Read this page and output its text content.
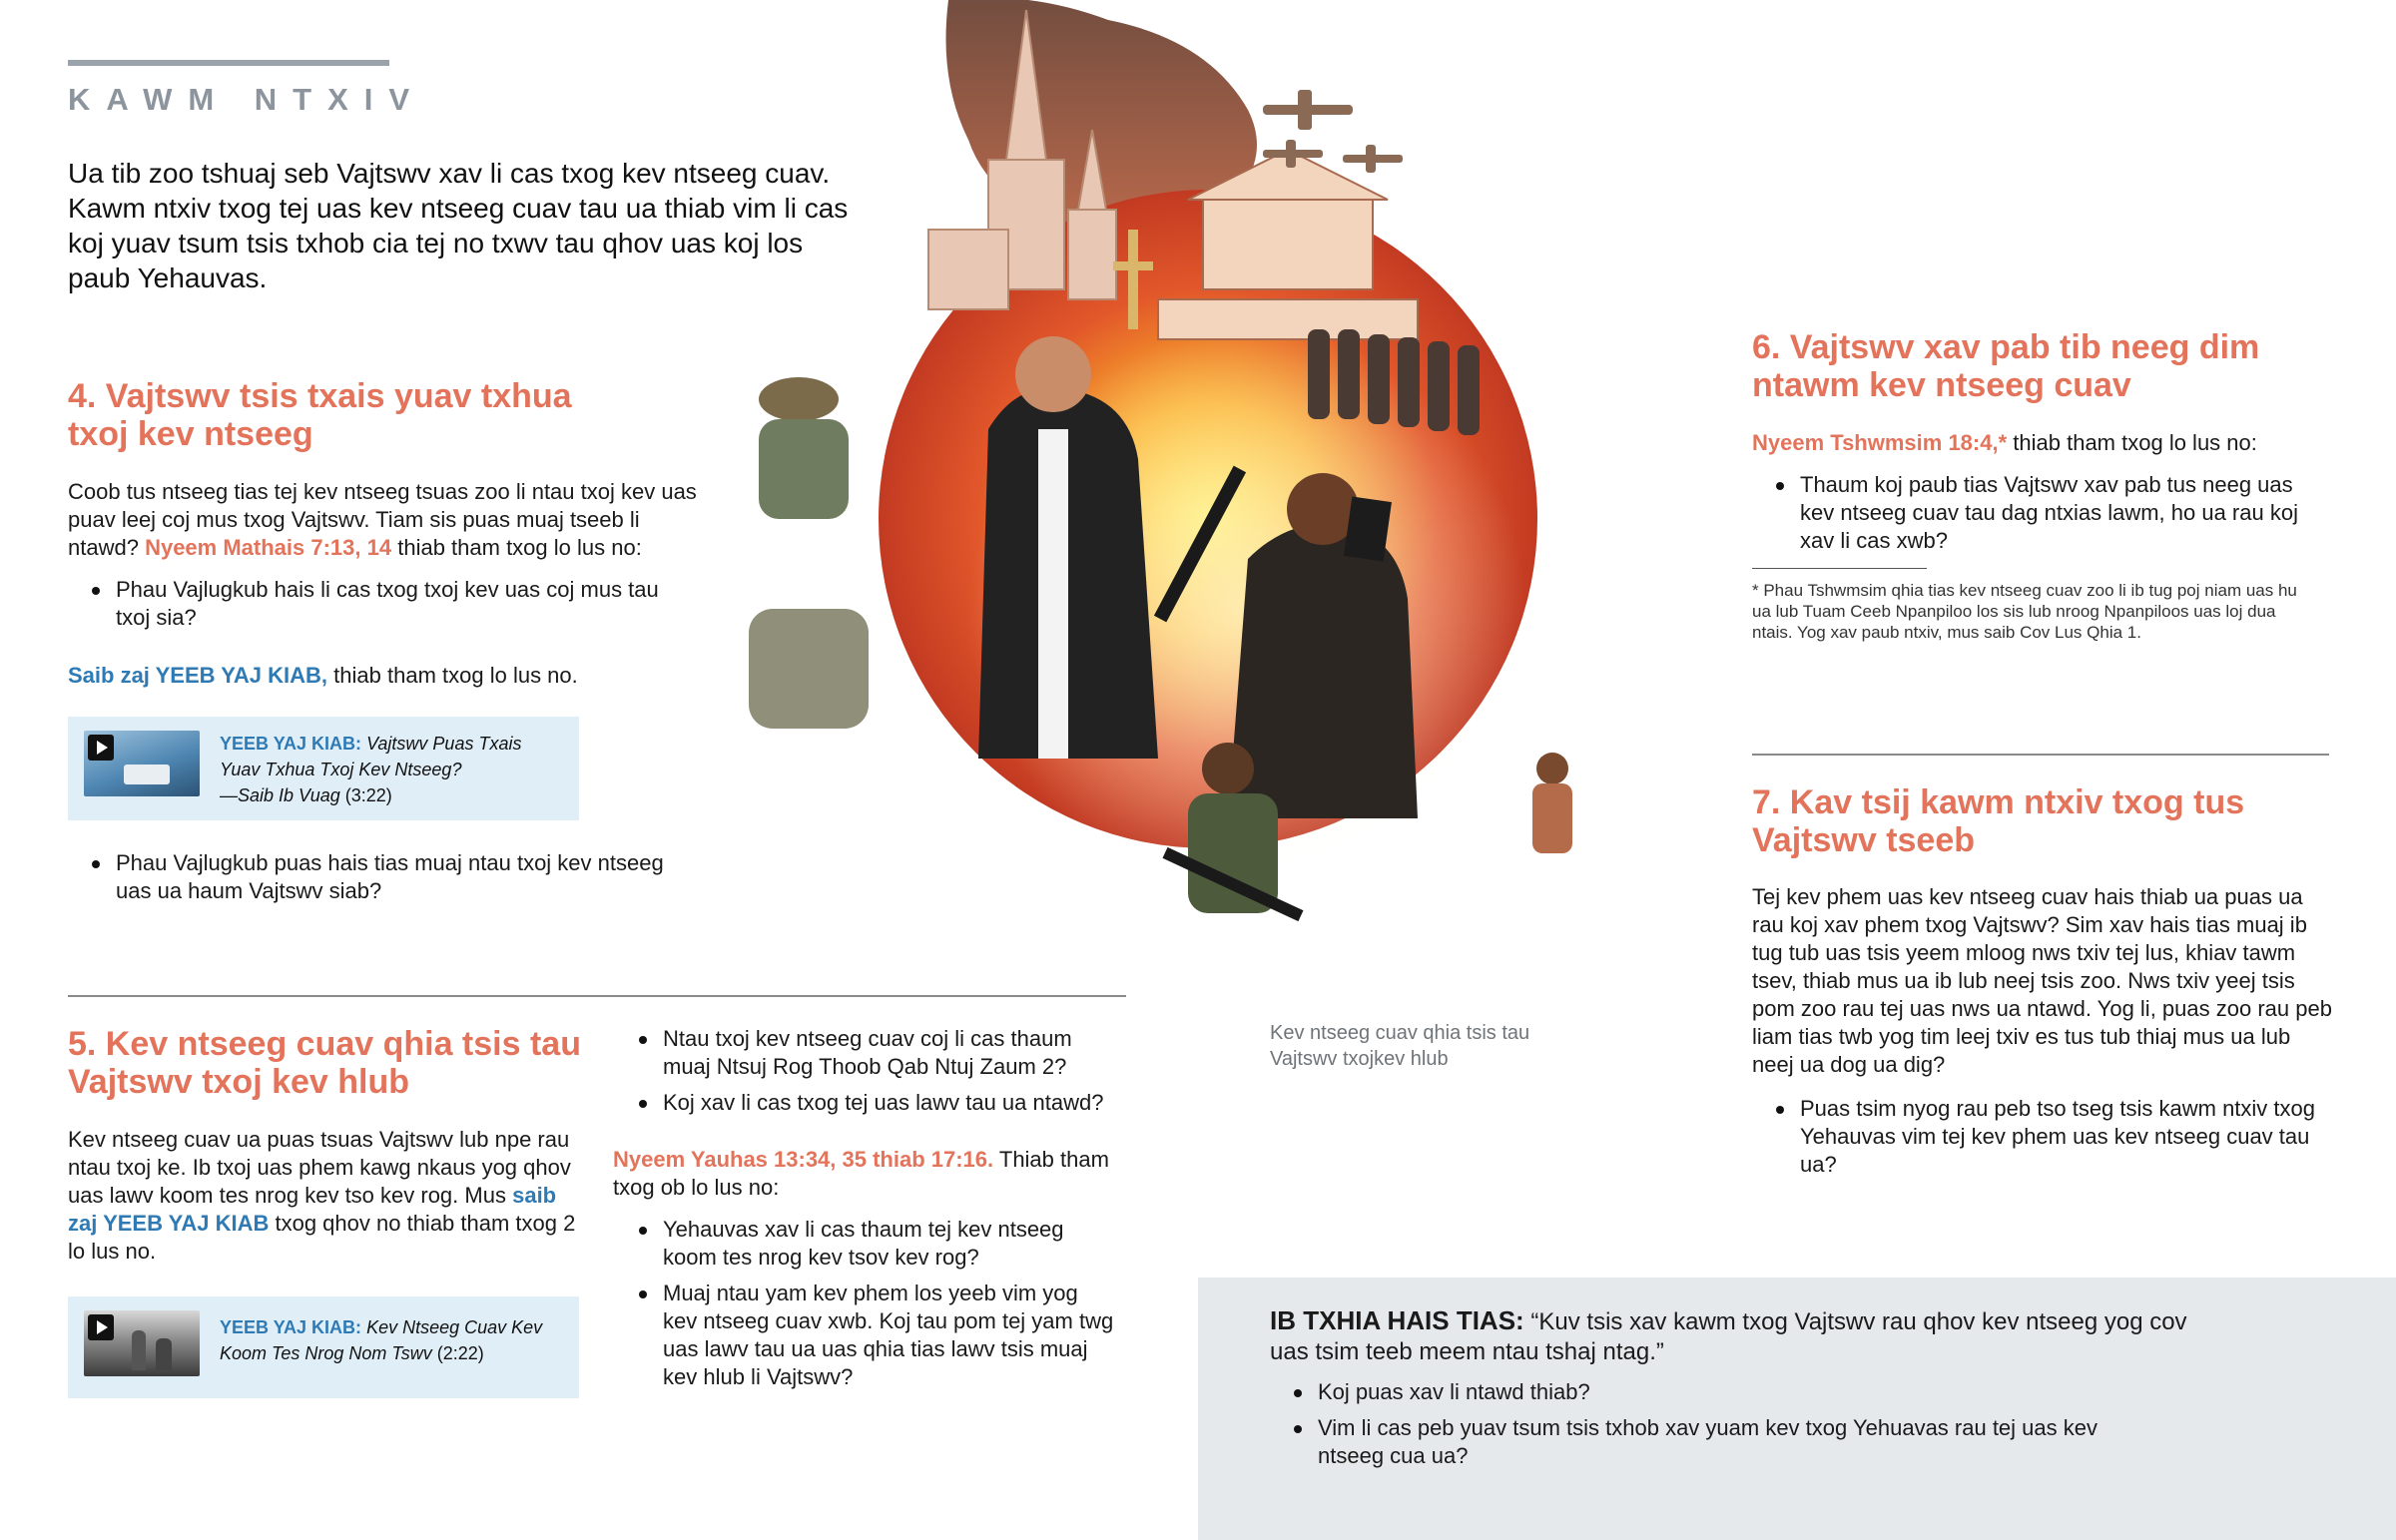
KAWM NTXIV

Ua tib zoo tshuaj seb Vajtswv xav li cas txog kev ntseeg cuav. Kawm ntxiv txog tej uas kev ntseeg cuav tau ua thiab vim li cas koj yuav tsum tsis txhob cia tej no txwv tau qhov uas koj los paub Yehauvas.

4. Vajtswv tsis txais yuav txhua txoj kev ntseeg

Coob tus ntseeg tias tej kev ntseeg tsuas zoo li ntau txoj kev uas puav leej coj mus txog Vajtswv. Tiam sis puas muaj tseeb li ntawd? Nyeem Mathais 7:13, 14 thiab tham txog lo lus no:

Phau Vajlugkub hais li cas txog txoj kev uas coj mus tau txoj sia?

Saib zaj YEEB YAJ KIAB, thiab tham txog lo lus no.

YEEB YAJ KIAB: Vajtswv Puas Txais Yuav Txhua Txoj Kev Ntseeg?
—Saib Ib Vuag (3:22)
Phau Vajlugkub puas hais tias muaj ntau txoj kev ntseeg uas ua haum Vajtswv siab?
5. Kev ntseeg cuav qhia tsis tau Vajtswv txoj kev hlub

Kev ntseeg cuav ua puas tsuas Vajtswv lub npe rau ntau txoj ke. Ib txoj uas phem kawg nkaus yog qhov uas lawv koom tes nrog kev tso kev rog. Mus saib zaj YEEB YAJ KIAB txog qhov no thiab tham txog 2 lo lus no.

YEEB YAJ KIAB: Kev Ntseeg Cuav Kev Koom Tes Nrog Nom Tswv (2:22)
Ntau txoj kev ntseeg cuav coj li cas thaum muaj Ntsuj Rog Thoob Qab Ntuj Zaum 2?
Koj xav li cas txog tej uas lawv tau ua ntawd?

Nyeem Yauhas 13:34, 35 thiab 17:16. Thiab tham txog ob lo lus no:

Yehauvas xav li cas thaum tej kev ntseeg koom tes nrog kev tsov kev rog?
Muaj ntau yam kev phem los yeeb vim yog kev ntseeg cuav xwb. Koj tau pom tej yam twg uas lawv tau ua uas qhia tias lawv tsis muaj kev hlub li Vajtswv?
Kev ntseeg cuav qhia tsis tau Vajtswv txojkev hlub
6. Vajtswv xav pab tib neeg dim ntawm kev ntseeg cuav

Nyeem Tshwmsim 18:4,* thiab tham txog lo lus no:

Thaum koj paub tias Vajtswv xav pab tus neeg uas kev ntseeg cuav tau dag ntxias lawm, ho ua rau koj xav li cas xwb?

* Phau Tshwmsim qhia tias kev ntseeg cuav zoo li ib tug poj niam uas hu ua lub Tuam Ceeb Npanpiloo los sis lub nroog Npanpiloos uas loj dua ntais. Yog xav paub ntxiv, mus saib Cov Lus Qhia 1.

7. Kav tsij kawm ntxiv txog tus Vajtswv tseeb

Tej kev phem uas kev ntseeg cuav hais thiab ua puas ua rau koj xav phem txog Vajtswv? Sim xav hais tias muaj ib tug tub uas tsis yeem mloog nws txiv tej lus, khiav tawm tsev, thiab mus ua ib lub neej tsis zoo. Nws txiv yeej tsis pom zoo rau tej uas nws ua ntawd. Yog li, puas zoo rau peb liam tias twb yog tim leej txiv es tus tub thiaj mus ua lub neej ua dog ua dig?

Puas tsim nyog rau peb tso tseg tsis kawm ntxiv txog Yehauvas vim tej kev phem uas kev ntseeg cuav tau ua?

IB TXHIA HAIS TIAS: “Kuv tsis xav kawm txog Vajtswv rau qhov kev ntseeg yog cov uas tsim teeb meem ntau tshaj ntag.”

Koj puas xav li ntawd thiab?
Vim li cas peb yuav tsum tsis txhob xav yuam kev txog Yehuavas rau tej uas kev ntseeg cua ua?
